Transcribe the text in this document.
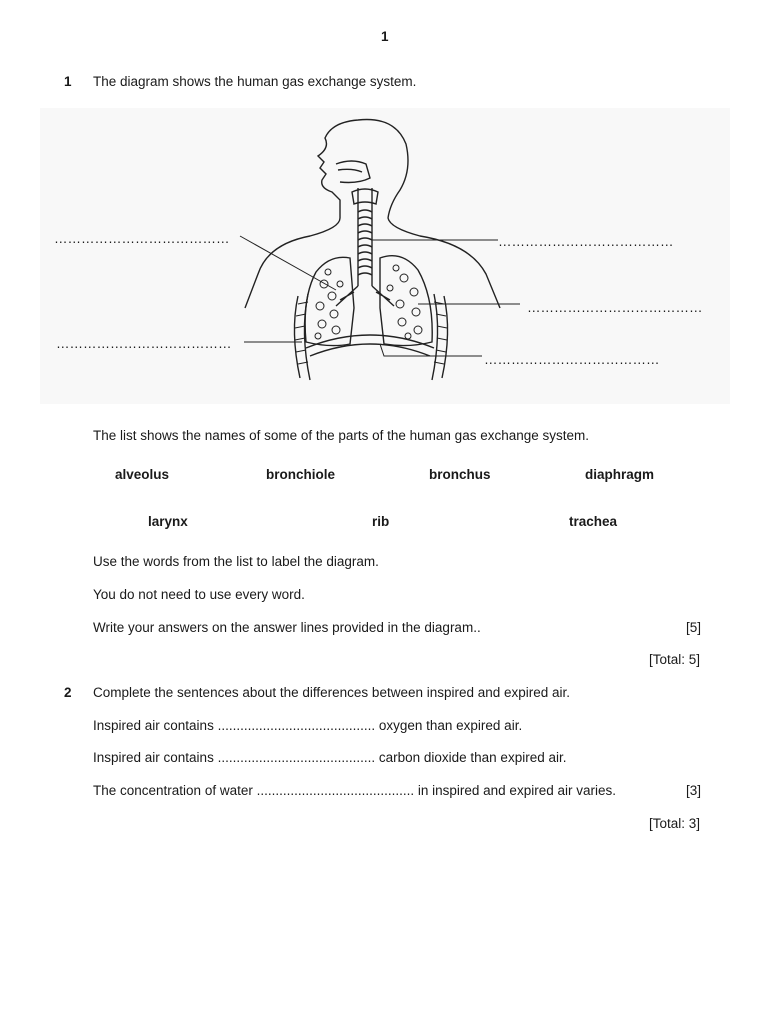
1
1 The diagram shows the human gas exchange system.
…………………………………	…………………………………
…………………………………
…………………………………
…………………………………
The list shows the names of some of the parts of the human gas exchange system.
alveolus	bronchiole	bronchus	diaphragm
larynx	rib	trachea
Use the words from the list to label the diagram.
You do not need to use every word.
Write your answers on the answer lines provided in the diagram..	[5]
[Total: 5]
2 Complete the sentences about the differences between inspired and expired air.
Inspired air contains .......................................... oxygen than expired air.
Inspired air contains .......................................... carbon dioxide than expired air.
The concentration of water .......................................... in inspired and expired air varies.	[3]
[Total: 3]
